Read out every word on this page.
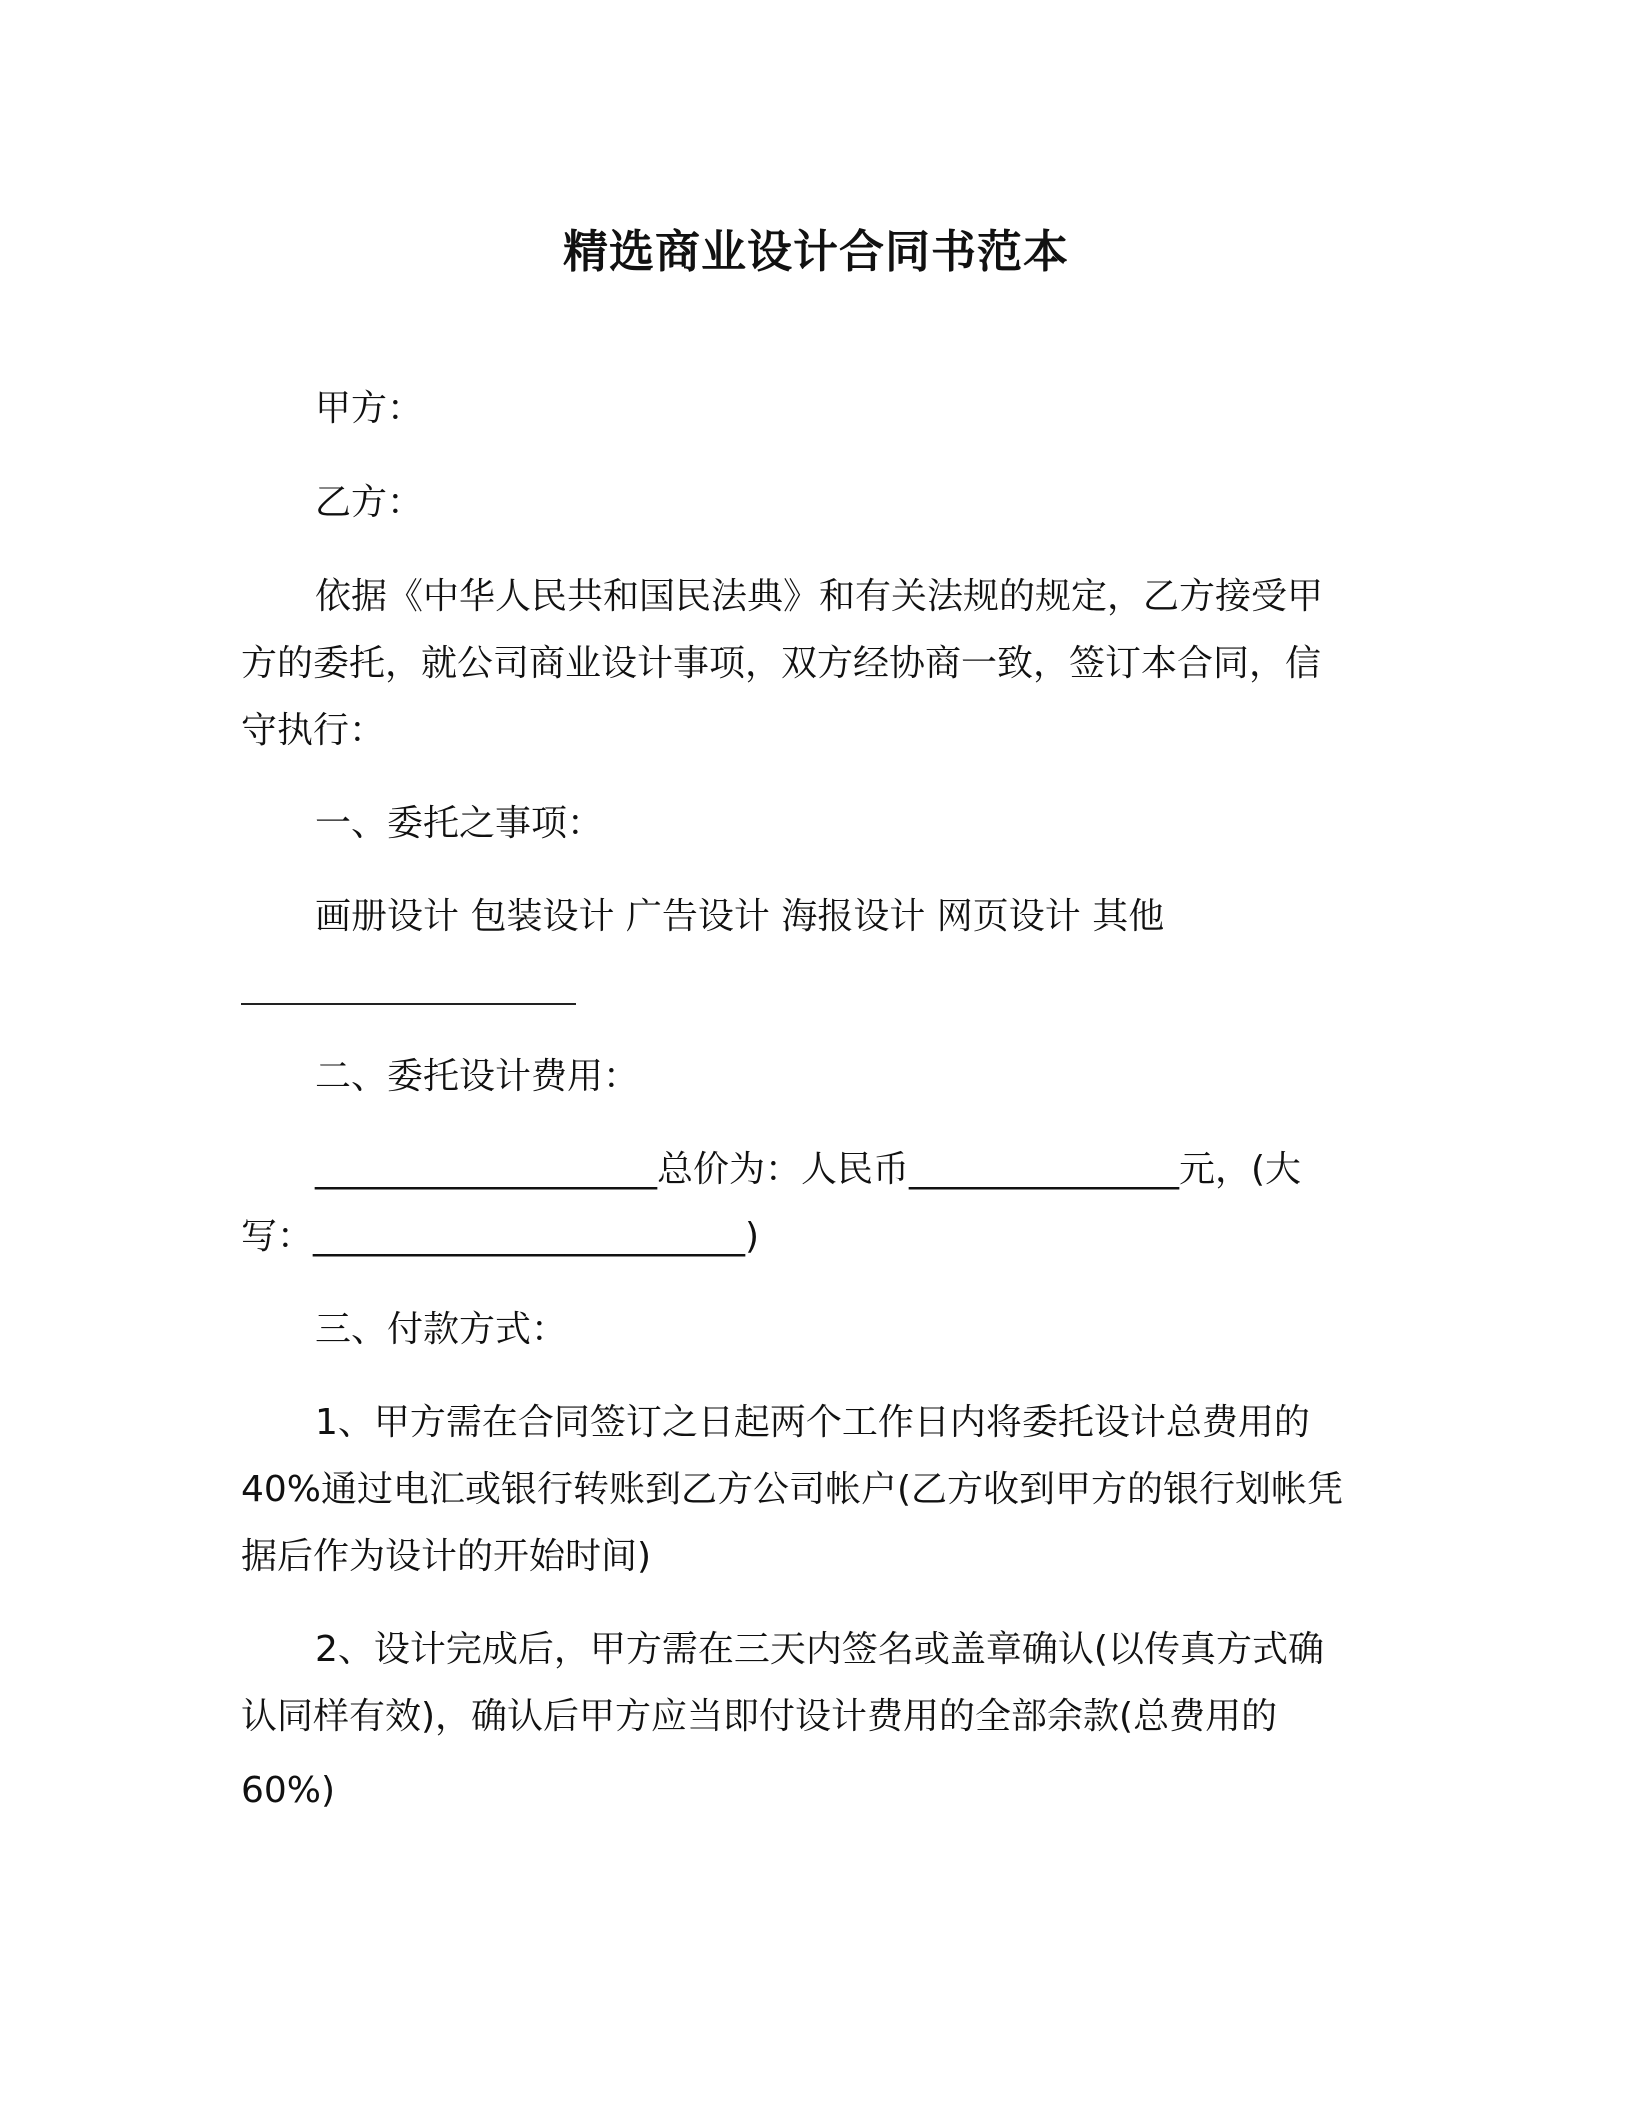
精选商业设计合同书范本
甲方：
乙方：
依据《中华人民共和国民法典》和有关法规的规定，乙方接受甲
方的委托，就公司商业设计事项，双方经协商一致，签订本合同，信
守执行：
一、委托之事项：
画册设计 包装设计 广告设计 海报设计 网页设计 其他
二、委托设计费用：
___________________总价为：人民币_______________元，(大
写：________________________)
三、付款方式：
1、甲方需在合同签订之日起两个工作日内将委托设计总费用的
40%通过电汇或银行转账到乙方公司帐户(乙方收到甲方的银行划帐凭
据后作为设计的开始时间)
2、设计完成后，甲方需在三天内签名或盖章确认(以传真方式确
认同样有效)，确认后甲方应当即付设计费用的全部余款(总费用的
60%)
